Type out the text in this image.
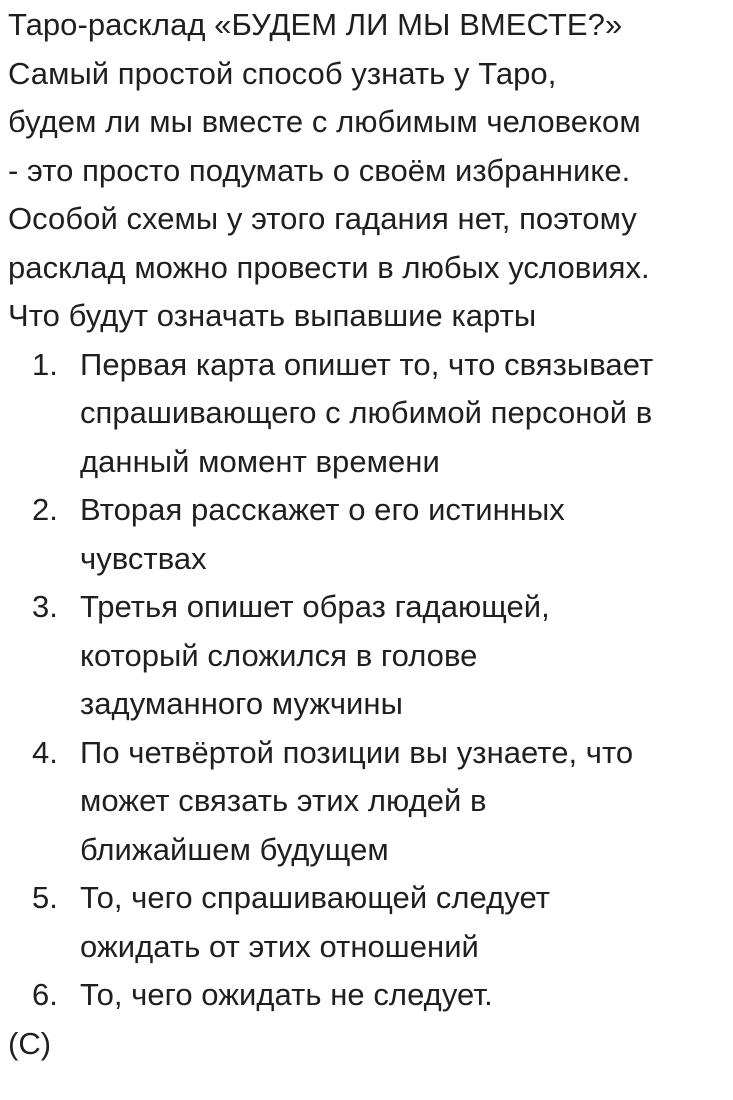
Таро-расклад «БУДЕМ ЛИ МЫ ВМЕСТЕ?»

Самый простой способ узнать у Таро,

будем ли мы вместе с любимым человеком

- это просто подумать о своём избраннике.

Особой схемы у этого гадания нет, поэтому

расклад можно провести в любых условиях.

Что будут означать выпавшие карты

1. Первая карта опишет то, что связывает
спрашивающего с любимой персоной в
данный момент времени
2. Вторая расскажет о его истинных
чувствах
3. Третья опишет образ гадающей,
который сложился в голове
задуманного мужчины
4. По четвёртой позиции вы узнаете, что
может связать этих людей в
ближайшем будущем
5. То, чего спрашивающей следует
ожидать от этих отношений
6. То, чего ожидать не следует.

(C)
